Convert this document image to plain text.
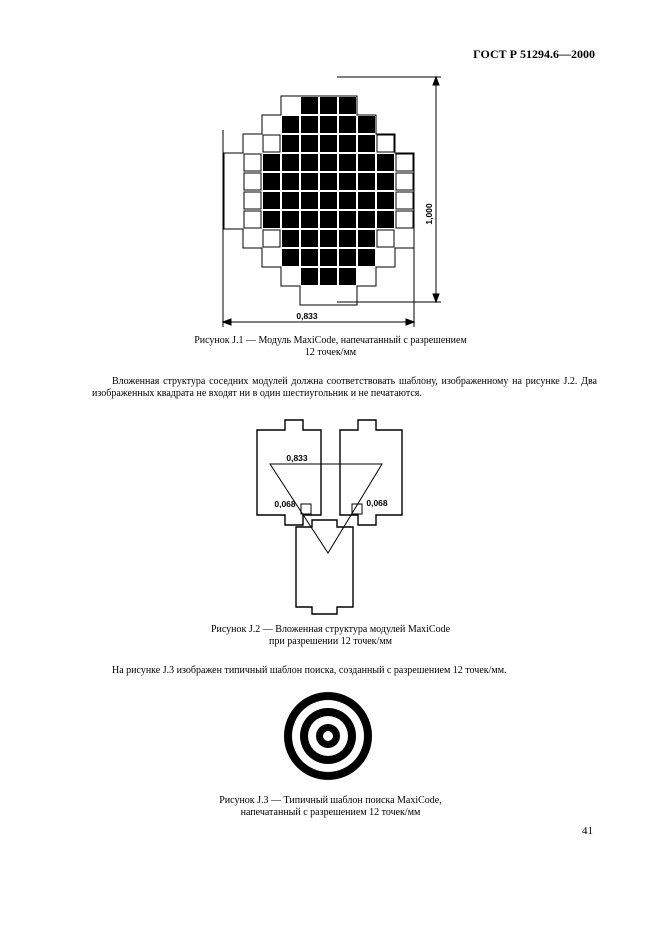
ГОСТ Р 51294.6—2000
0,833
1,000
0,833
0,068	0,068
Рисунок J.1 — Модуль MaxiCode, напечатанный с разрешением
12 точек/мм
Вложенная структура соседних модулей должна соответствовать шаблону, изображенному на рисунке J.2. Два изображенных квадрата не входят ни в один шестиугольник и не печатаются.
Рисунок J.2 — Вложенная структура модулей MaxiCode
при разрешении 12 точек/мм
На рисунке J.3 изображен типичный шаблон поиска, созданный с разрешением 12 точек/мм.
Рисунок J.3 — Типичный шаблон поиска MaxiCode,
напечатанный с разрешением 12 точек/мм
41
